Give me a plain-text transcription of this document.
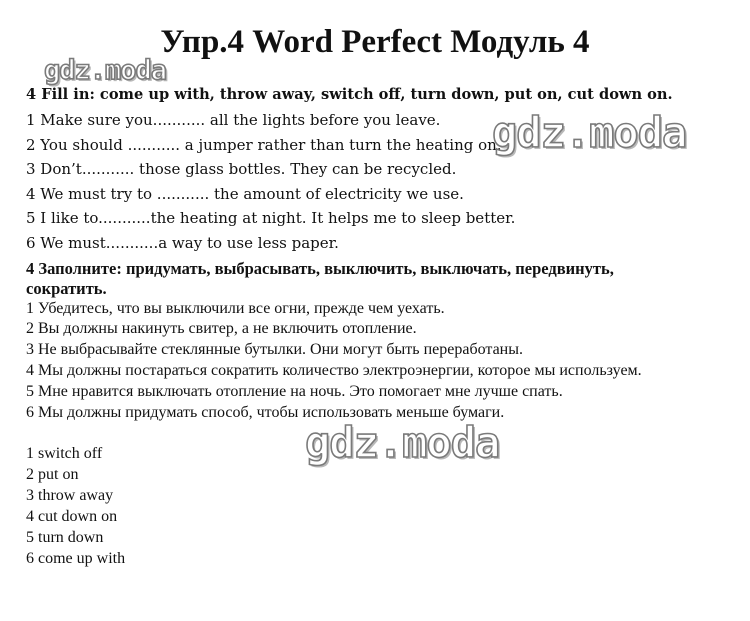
Упр.4 Word Perfect Модуль 4
gdz.moda
4 Fill in: come up with, throw away, switch off, turn down, put on, cut down on.
1 Make sure you........... all the lights before you leave.
2 You should ........... a jumper rather than turn the heating on.
3 Don’t........... those glass bottles. They can be recycled.
4 We must try to ........... the amount of electricity we use.
5 I like to...........the heating at night. It helps me to sleep better.
6 We must...........a way to use less paper.
gdz.moda
4 Заполните: придумать, выбрасывать, выключить, выключать, передвинуть,
сократить.
1 Убедитесь, что вы выключили все огни, прежде чем уехать.
2 Вы должны накинуть свитер, а не включить отопление.
3 Не выбрасывайте стеклянные бутылки. Они могут быть переработаны.
4 Мы должны постараться сократить количество электроэнергии, которое мы используем.
5 Мне нравится выключать отопление на ночь. Это помогает мне лучше спать.
6 Мы должны придумать способ, чтобы использовать меньше бумаги.
gdz.moda
1 switch off
2 put on
3 throw away
4 cut down on
5 turn down
6 come up with
